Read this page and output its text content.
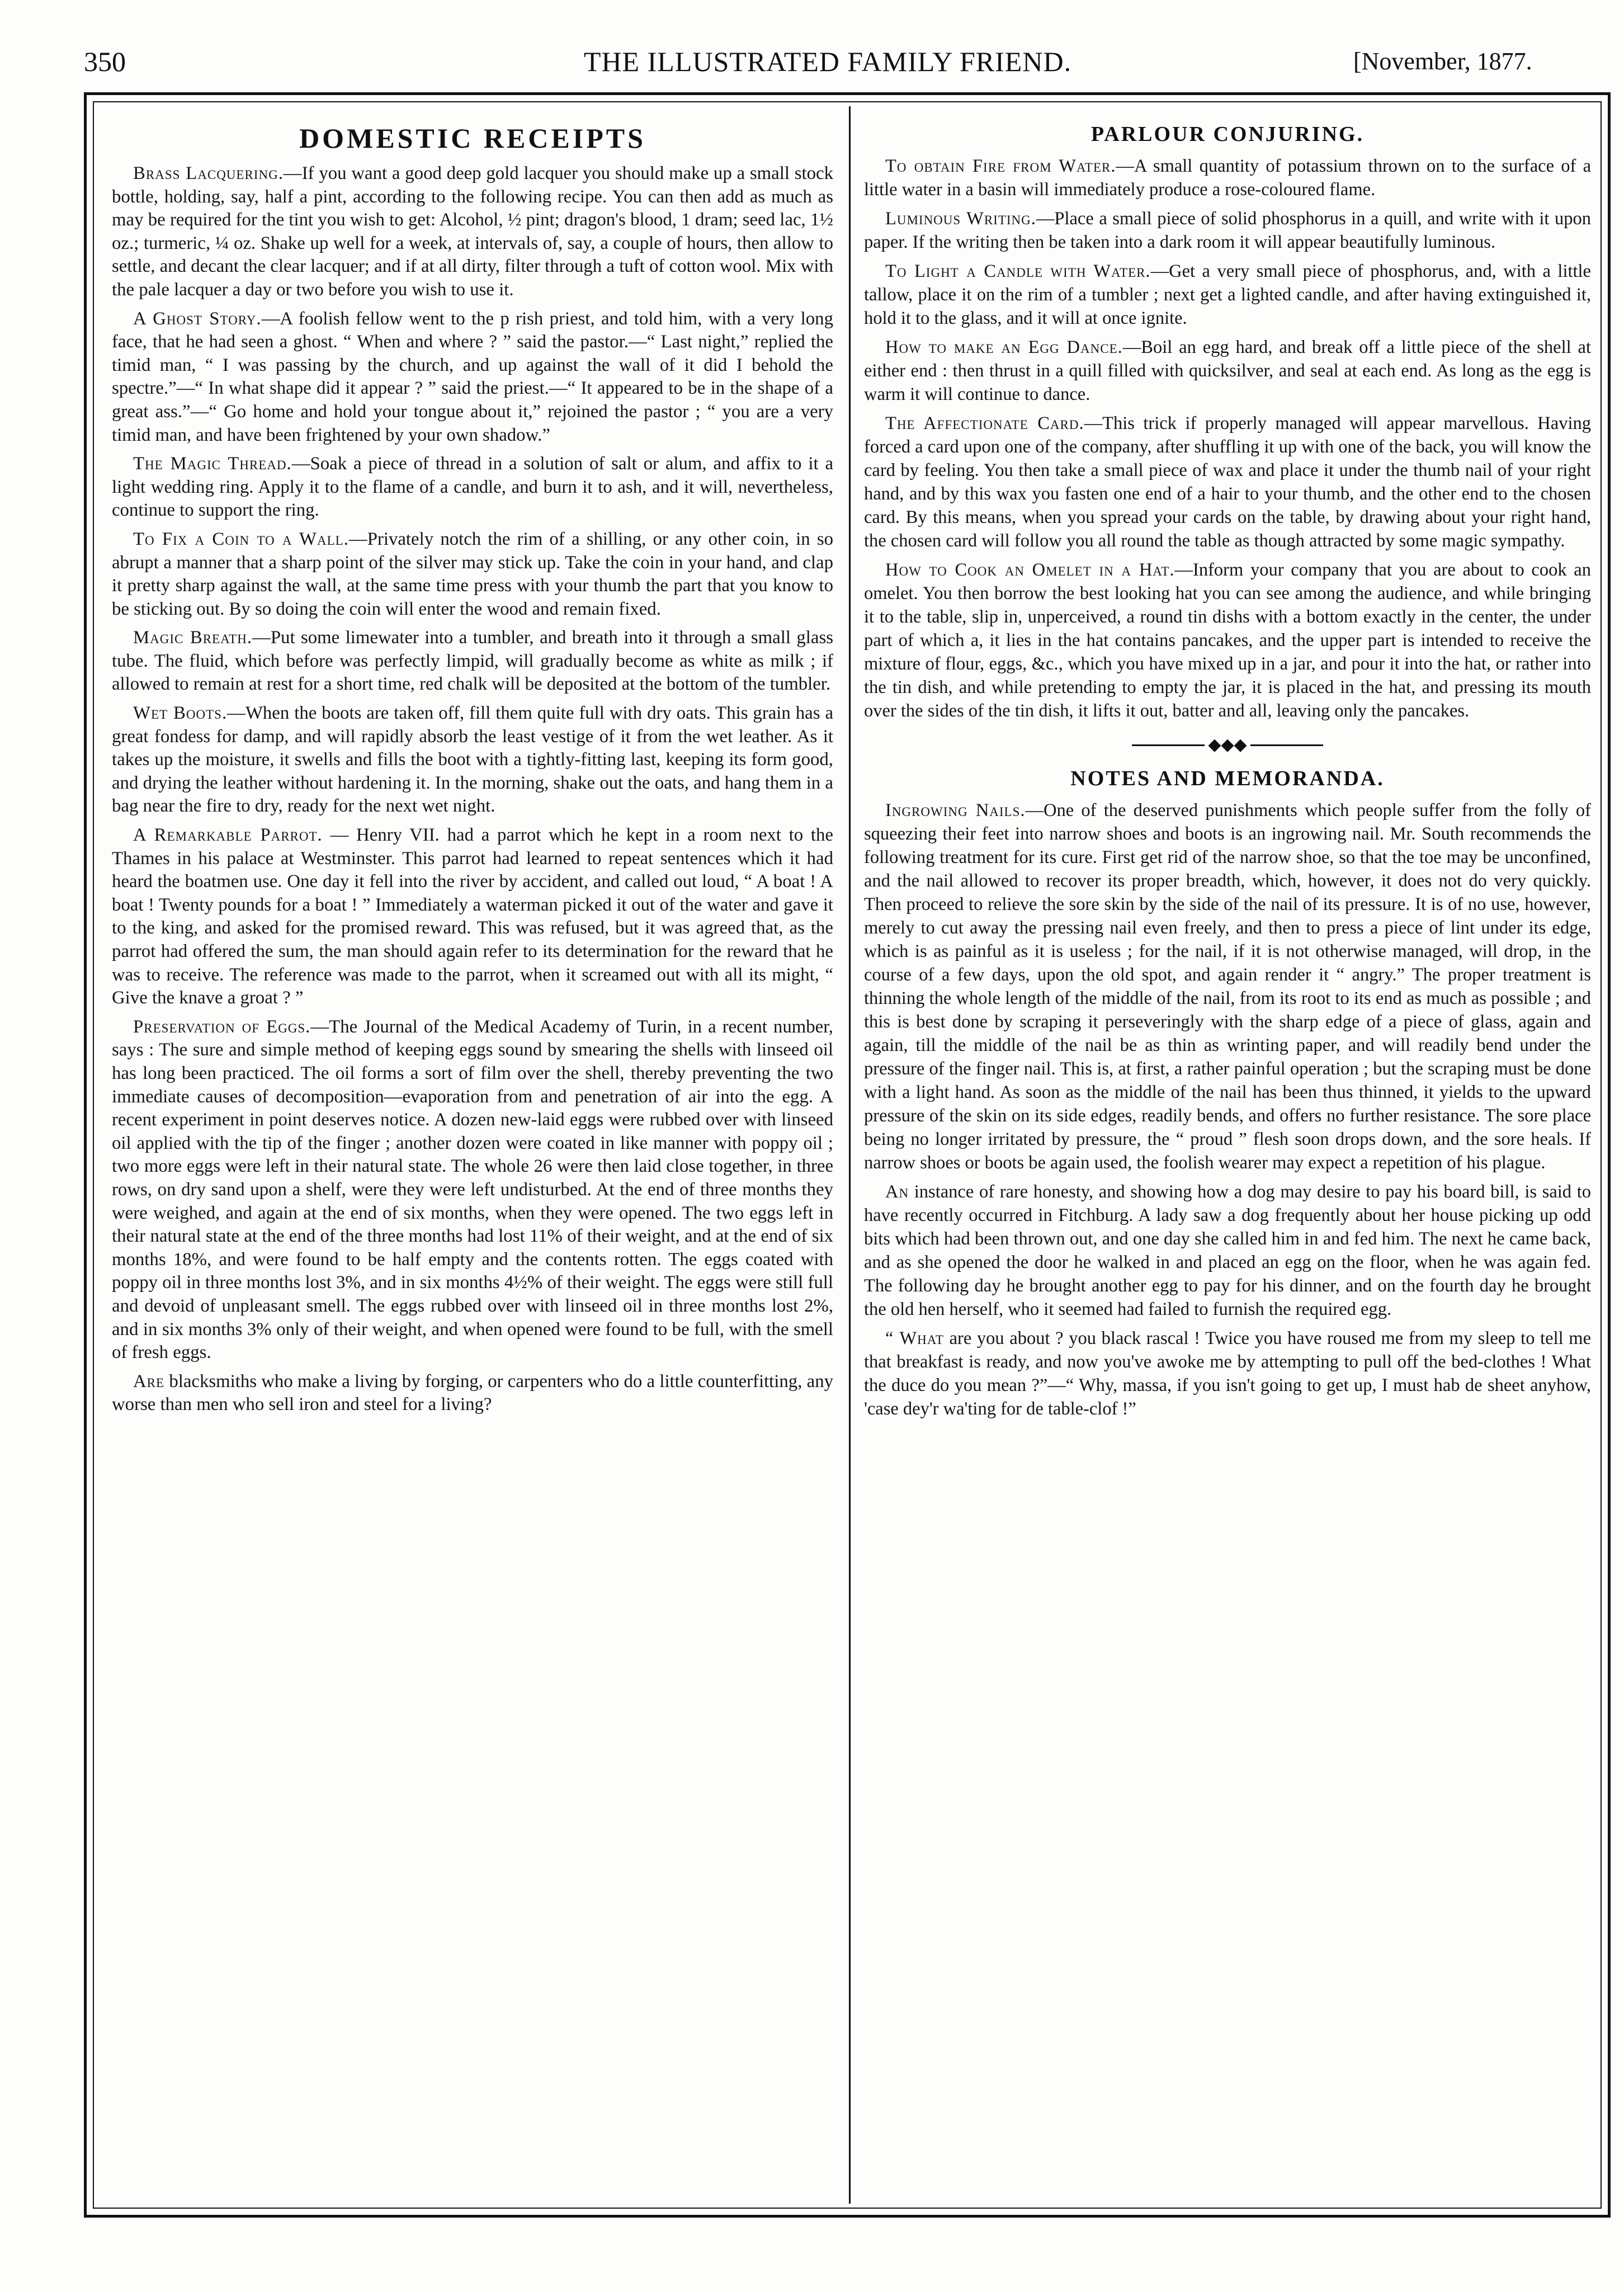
350	THE ILLUSTRATED FAMILY FRIEND.	[November, 1877.
DOMESTIC RECEIPTS

Brass Lacquering.—If you want a good deep gold lacquer you should make up a small stock bottle, holding, say, half a pint, according to the following recipe. You can then add as much as may be required for the tint you wish to get: Alcohol, ½ pint; dragon's blood, 1 dram; seed lac, 1½ oz.; turmeric, ¼ oz. Shake up well for a week, at intervals of, say, a couple of hours, then allow to settle, and decant the clear lacquer; and if at all dirty, filter through a tuft of cotton wool. Mix with the pale lacquer a day or two before you wish to use it.

A Ghost Story.—A foolish fellow went to the p rish priest, and told him, with a very long face, that he had seen a ghost. “ When and where ? ” said the pastor.—“ Last night,” replied the timid man, “ I was passing by the church, and up against the wall of it did I behold the spectre.”—“ In what shape did it appear ? ” said the priest.—“ It appeared to be in the shape of a great ass.”—“ Go home and hold your tongue about it,” rejoined the pastor ; “ you are a very timid man, and have been frightened by your own shadow.”

The Magic Thread.—Soak a piece of thread in a solution of salt or alum, and affix to it a light wedding ring. Apply it to the flame of a candle, and burn it to ash, and it will, nevertheless, continue to support the ring.

To Fix a Coin to a Wall.—Privately notch the rim of a shilling, or any other coin, in so abrupt a manner that a sharp point of the silver may stick up. Take the coin in your hand, and clap it pretty sharp against the wall, at the same time press with your thumb the part that you know to be sticking out. By so doing the coin will enter the wood and remain fixed.

Magic Breath.—Put some limewater into a tumbler, and breath into it through a small glass tube. The fluid, which before was perfectly limpid, will gradually become as white as milk ; if allowed to remain at rest for a short time, red chalk will be deposited at the bottom of the tumbler.

Wet Boots.—When the boots are taken off, fill them quite full with dry oats. This grain has a great fondess for damp, and will rapidly absorb the least vestige of it from the wet leather. As it takes up the moisture, it swells and fills the boot with a tightly-fitting last, keeping its form good, and drying the leather without hardening it. In the morning, shake out the oats, and hang them in a bag near the fire to dry, ready for the next wet night.

A Remarkable Parrot. — Henry VII. had a parrot which he kept in a room next to the Thames in his palace at Westminster. This parrot had learned to repeat sentences which it had heard the boatmen use. One day it fell into the river by accident, and called out loud, “ A boat ! A boat ! Twenty pounds for a boat ! ” Immediately a waterman picked it out of the water and gave it to the king, and asked for the promised reward. This was refused, but it was agreed that, as the parrot had offered the sum, the man should again refer to its determination for the reward that he was to receive. The reference was made to the parrot, when it screamed out with all its might, “ Give the knave a groat ? ”

Preservation of Eggs.—The Journal of the Medical Academy of Turin, in a recent number, says : The sure and simple method of keeping eggs sound by smearing the shells with linseed oil has long been practiced. The oil forms a sort of film over the shell, thereby preventing the two immediate causes of decomposition—evaporation from and penetration of air into the egg. A recent experiment in point deserves notice. A dozen new-laid eggs were rubbed over with linseed oil applied with the tip of the finger ; another dozen were coated in like manner with poppy oil ; two more eggs were left in their natural state. The whole 26 were then laid close together, in three rows, on dry sand upon a shelf, were they were left undisturbed. At the end of three months they were weighed, and again at the end of six months, when they were opened. The two eggs left in their natural state at the end of the three months had lost 11% of their weight, and at the end of six months 18%, and were found to be half empty and the contents rotten. The eggs coated with poppy oil in three months lost 3%, and in six months 4½% of their weight. The eggs were still full and devoid of unpleasant smell. The eggs rubbed over with linseed oil in three months lost 2%, and in six months 3% only of their weight, and when opened were found to be full, with the smell of fresh eggs.

Are blacksmiths who make a living by forging, or carpenters who do a little counterfitting, any worse than men who sell iron and steel for a living?

PARLOUR CONJURING.

To obtain Fire from Water.—A small quantity of potassium thrown on to the surface of a little water in a basin will immediately produce a rose-coloured flame.

Luminous Writing.—Place a small piece of solid phosphorus in a quill, and write with it upon paper. If the writing then be taken into a dark room it will appear beautifully luminous.

To Light a Candle with Water.—Get a very small piece of phosphorus, and, with a little tallow, place it on the rim of a tumbler ; next get a lighted candle, and after having extinguished it, hold it to the glass, and it will at once ignite.

How to make an Egg Dance.—Boil an egg hard, and break off a little piece of the shell at either end : then thrust in a quill filled with quicksilver, and seal at each end. As long as the egg is warm it will continue to dance.

The Affectionate Card.—This trick if properly managed will appear marvellous. Having forced a card upon one of the company, after shuffling it up with one of the back, you will know the card by feeling. You then take a small piece of wax and place it under the thumb nail of your right hand, and by this wax you fasten one end of a hair to your thumb, and the other end to the chosen card. By this means, when you spread your cards on the table, by drawing about your right hand, the chosen card will follow you all round the table as though attracted by some magic sympathy.

How to Cook an Omelet in a Hat.—Inform your company that you are about to cook an omelet. You then borrow the best looking hat you can see among the audience, and while bringing it to the table, slip in, unperceived, a round tin dishs with a bottom exactly in the center, the under part of which a, it lies in the hat contains pancakes, and the upper part is intended to receive the mixture of flour, eggs, &c., which you have mixed up in a jar, and pour it into the hat, or rather into the tin dish, and while pretending to empty the jar, it is placed in the hat, and pressing its mouth over the sides of the tin dish, it lifts it out, batter and all, leaving only the pancakes.

◆◆◆
NOTES AND MEMORANDA.

Ingrowing Nails.—One of the deserved punishments which people suffer from the folly of squeezing their feet into narrow shoes and boots is an ingrowing nail. Mr. South recommends the following treatment for its cure. First get rid of the narrow shoe, so that the toe may be unconfined, and the nail allowed to recover its proper breadth, which, however, it does not do very quickly. Then proceed to relieve the sore skin by the side of the nail of its pressure. It is of no use, however, merely to cut away the pressing nail even freely, and then to press a piece of lint under its edge, which is as painful as it is useless ; for the nail, if it is not otherwise managed, will drop, in the course of a few days, upon the old spot, and again render it “ angry.” The proper treatment is thinning the whole length of the middle of the nail, from its root to its end as much as possible ; and this is best done by scraping it perseveringly with the sharp edge of a piece of glass, again and again, till the middle of the nail be as thin as wrinting paper, and will readily bend under the pressure of the finger nail. This is, at first, a rather painful operation ; but the scraping must be done with a light hand. As soon as the middle of the nail has been thus thinned, it yields to the upward pressure of the skin on its side edges, readily bends, and offers no further resistance. The sore place being no longer irritated by pressure, the “ proud ” flesh soon drops down, and the sore heals. If narrow shoes or boots be again used, the foolish wearer may expect a repetition of his plague.

An instance of rare honesty, and showing how a dog may desire to pay his board bill, is said to have recently occurred in Fitchburg. A lady saw a dog frequently about her house picking up odd bits which had been thrown out, and one day she called him in and fed him. The next he came back, and as she opened the door he walked in and placed an egg on the floor, when he was again fed. The following day he brought another egg to pay for his dinner, and on the fourth day he brought the old hen herself, who it seemed had failed to furnish the required egg.

“ What are you about ? you black rascal ! Twice you have roused me from my sleep to tell me that breakfast is ready, and now you've awoke me by attempting to pull off the bed-clothes ! What the duce do you mean ?”—“ Why, massa, if you isn't going to get up, I must hab de sheet anyhow, 'case dey'r wa'ting for de table-clof !”
